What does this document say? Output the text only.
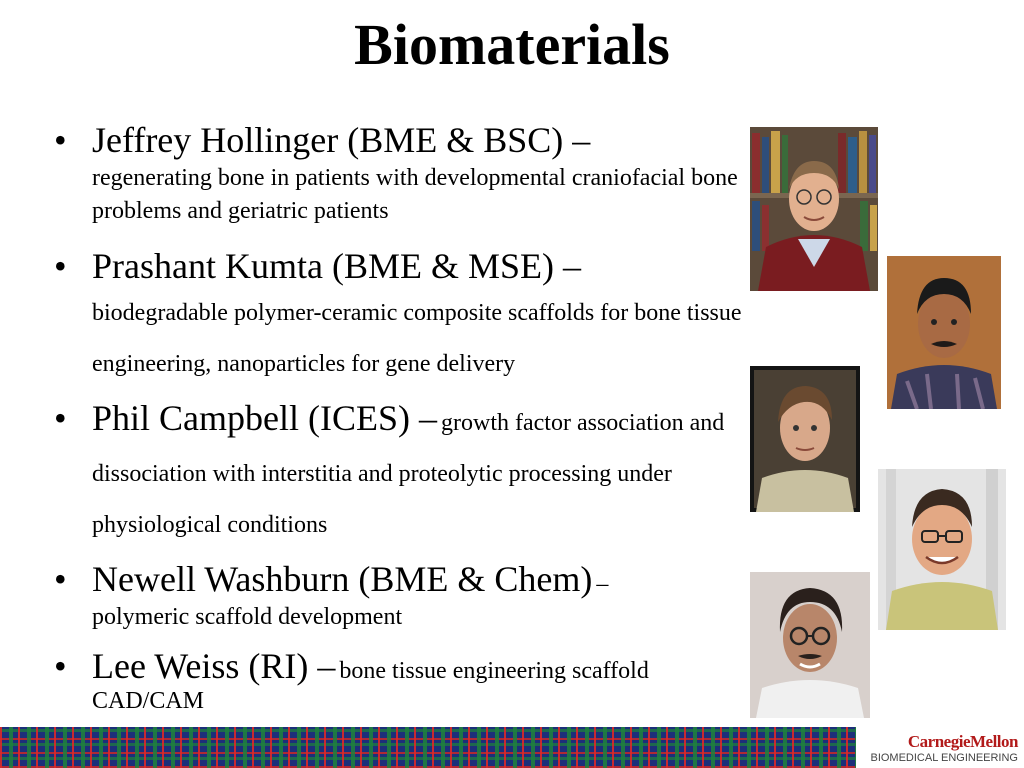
Biomaterials
• Jeffrey Hollinger (BME & BSC) –
regenerating bone in patients with developmental craniofacial bone problems and geriatric patients
• Prashant Kumta (BME & MSE) –
biodegradable polymer-ceramic composite scaffolds for bone tissue engineering, nanoparticles for gene delivery
• Phil Campbell (ICES) – growth factor association and dissociation with interstitia and proteolytic processing under physiological conditions
• Newell Washburn (BME & Chem) –
polymeric scaffold development
• Lee Weiss (RI) – bone tissue engineering scaffold CAD/CAM
CarnegieMellon
BIOMEDICAL ENGINEERING
